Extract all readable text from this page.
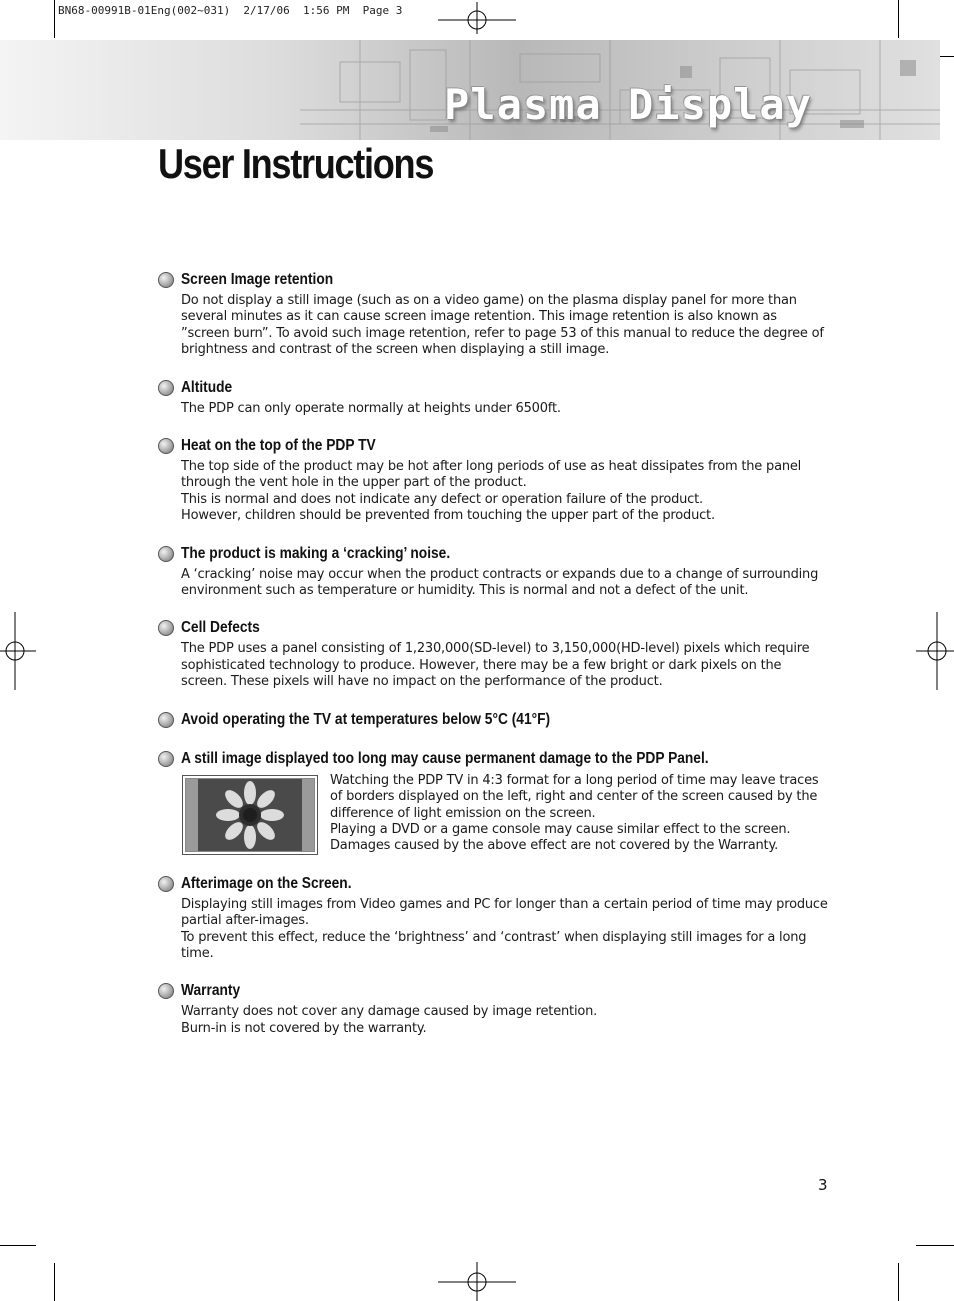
BN68-00991B-01Eng(002~031)  2/17/06  1:56 PM  Page 3
Plasma Display
User Instructions
Screen Image retention

Do not display a still image (such as on a video game) on the plasma display panel for more than several minutes as it can cause screen image retention. This image retention is also known as ”screen burn”. To avoid such image retention, refer to page 53 of this manual to reduce the degree of brightness and contrast of the screen when displaying a still image.

Altitude

The PDP can only operate normally at heights under 6500ft.

Heat on the top of the PDP TV

The top side of the product may be hot after long periods of use as heat dissipates from the panel through the vent hole in the upper part of the product.

This is normal and does not indicate any defect or operation failure of the product.

However, children should be prevented from touching the upper part of the product.

The product is making a ‘cracking’ noise.

A ‘cracking’ noise may occur when the product contracts or expands due to a change of surrounding environment such as temperature or humidity. This is normal and not a defect of the unit.

Cell Defects

The PDP uses a panel consisting of 1,230,000(SD-level) to 3,150,000(HD-level) pixels which require sophisticated technology to produce. However, there may be a few bright or dark pixels on the screen. These pixels will have no impact on the performance of the product.

Avoid operating the TV at temperatures below 5°C (41°F)
A still image displayed too long may cause permanent damage to the PDP Panel.

Watching the PDP TV in 4:3 format for a long period of time may leave traces of borders displayed on the left, right and center of the screen caused by the difference of light emission on the screen.

Playing a DVD or a game console may cause similar effect to the screen.

Damages caused by the above effect are not covered by the Warranty.

Afterimage on the Screen.

Displaying still images from Video games and PC for longer than a certain period of time may produce partial after-images.

To prevent this effect, reduce the ‘brightness’ and ‘contrast’ when displaying still images for a long time.

Warranty

Warranty does not cover any damage caused by image retention.

Burn-in is not covered by the warranty.

3
